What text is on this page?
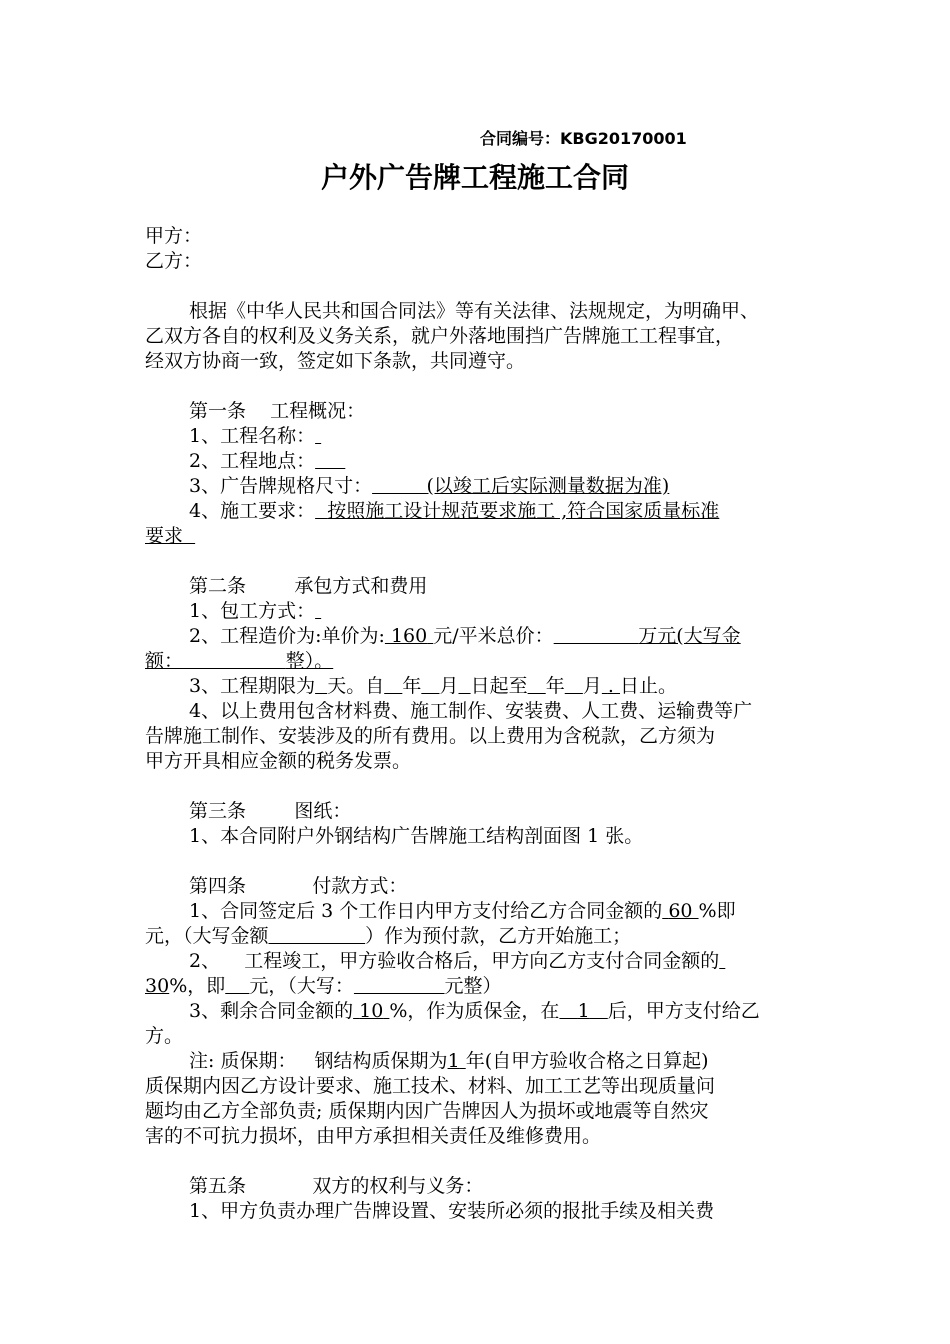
合同编号：KBG20170001
户外广告牌工程施工合同
甲方：
乙方：
根据《中华人民共和国合同法》等有关法律、法规规定，为明确甲、
乙双方各自的权利及义务关系，就户外落地围挡广告牌施工工程事宜，
经双方协商一致，签定如下条款，共同遵守。
第一条    工程概况：
1、工程名称：
2、工程地点：
3、广告牌规格尺寸：	(以竣工后实际测量数据为准)
4、施工要求： 按照施工设计规范要求施工 ,符合国家质量标准
要求
第二条        承包方式和费用
1、包工方式：
2、工程造价为:单价为: 160 元/平米总价：	万元(大写金
额：	整）。
3、工程期限为 天。自 年 月 日起至 年 月 . 日止。
4、以上费用包含材料费、施工制作、安装费、人工费、运输费等广
告牌施工制作、安装涉及的所有费用。以上费用为含税款，乙方须为
甲方开具相应金额的税务发票。
第三条        图纸：
1、本合同附户外钢结构广告牌施工结构剖面图 1 张。
第四条           付款方式：
1、合同签定后 3 个工作日内甲方支付给乙方合同金额的 60 %即
元，（大写金额	）作为预付款，乙方开始施工；
2、    工程竣工，甲方验收合格后，甲方向乙方支付合同金额的
30%，即 元，（大写：	元整）
3、剩余合同金额的 10 %，作为质保金，在 1 后，甲方支付给乙
方。
注: 质保期：   钢结构质保期为1 年(自甲方验收合格之日算起)
质保期内因乙方设计要求、施工技术、材料、加工工艺等出现质量问
题均由乙方全部负责; 质保期内因广告牌因人为损坏或地震等自然灾
害的不可抗力损坏，由甲方承担相关责任及维修费用。
第五条           双方的权利与义务：
1、甲方负责办理广告牌设置、安装所必须的报批手续及相关费
